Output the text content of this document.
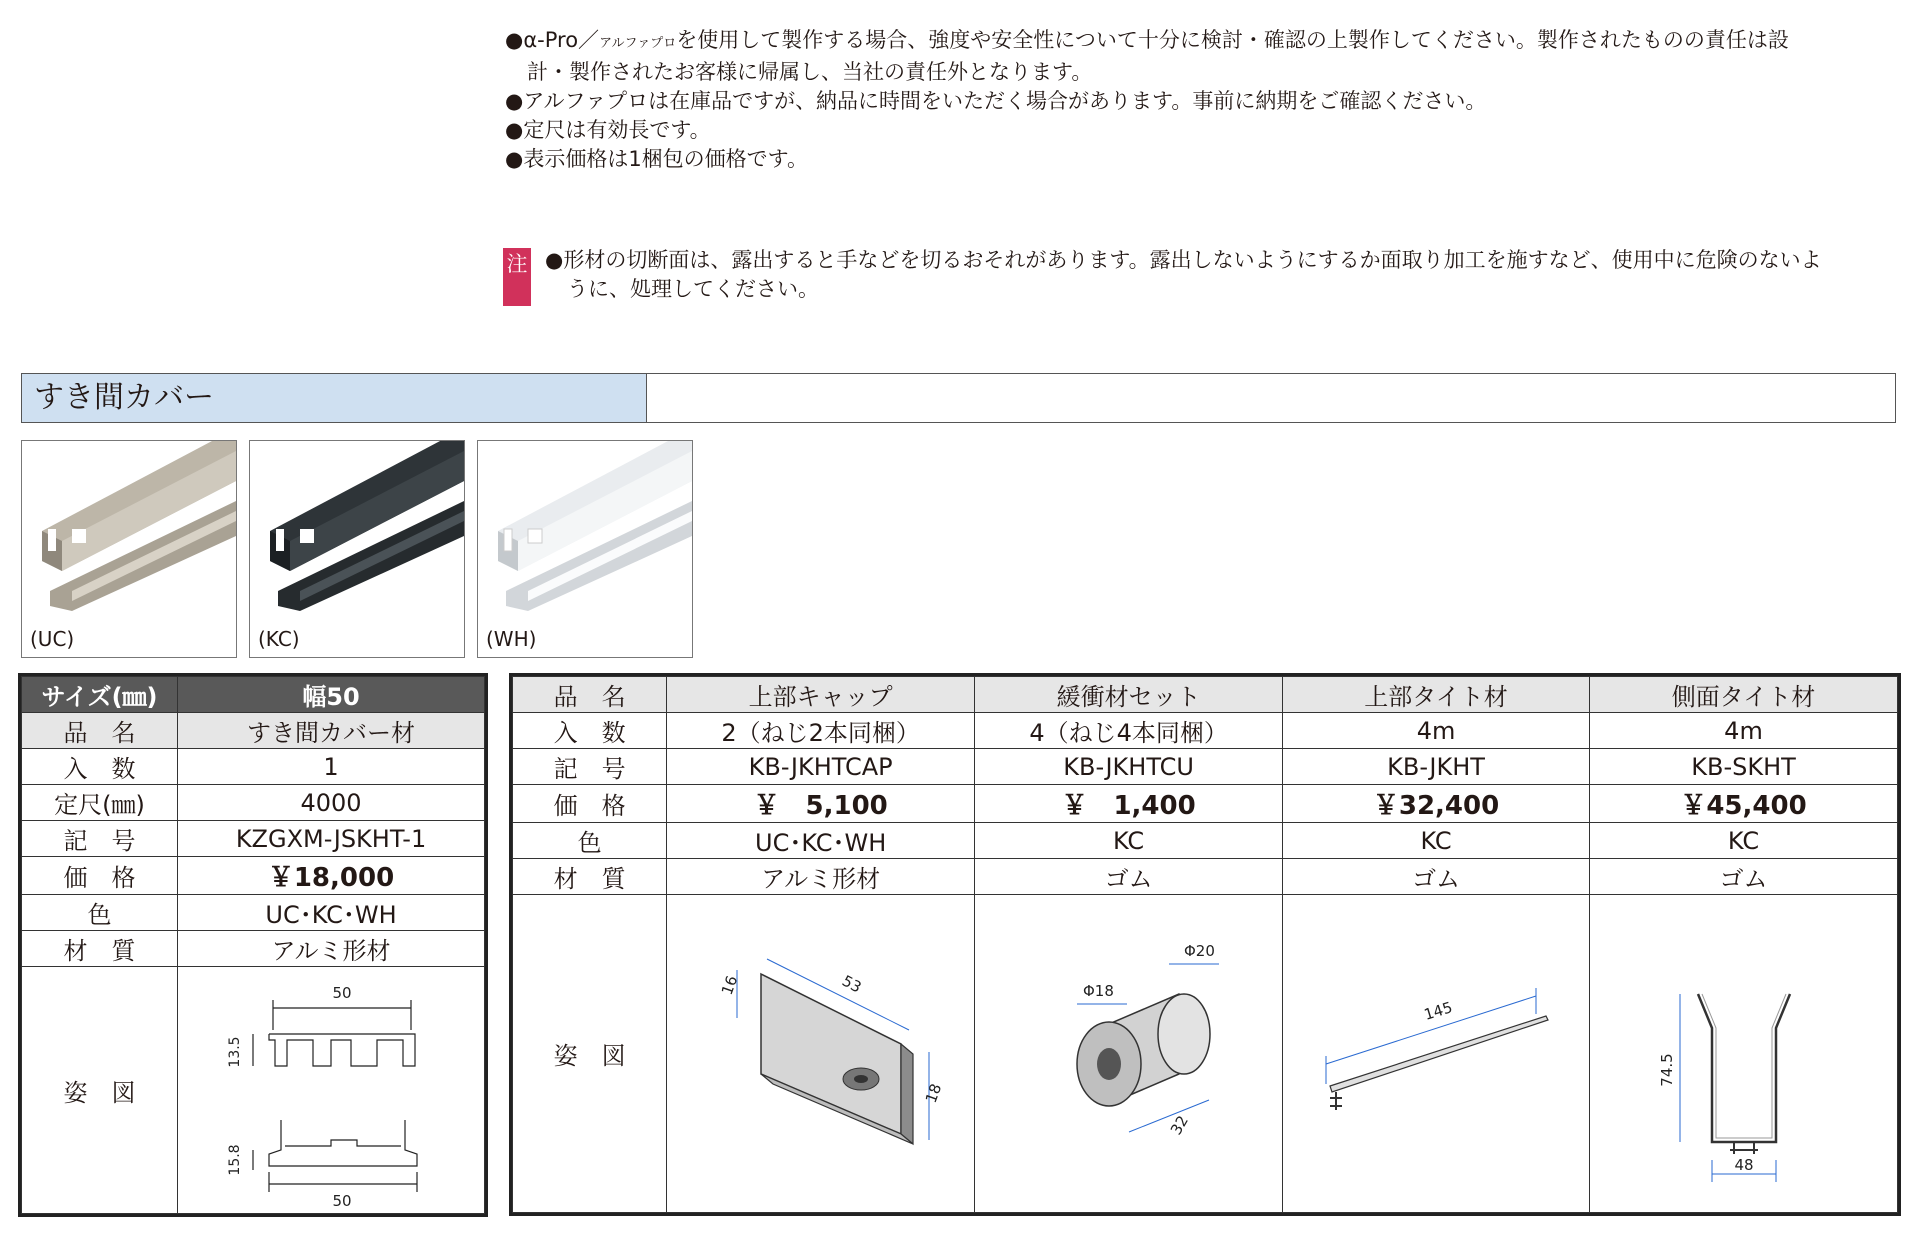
●α-Pro／アルファプロを使用して製作する場合、強度や安全性について十分に検討・確認の上製作してください。製作されたものの責任は設
計・製作されたお客様に帰属し、当社の責任外となります。
●アルファプロは在庫品ですが、納品に時間をいただく場合があります。事前に納期をご確認ください。
●定尺は有効長です。
●表示価格は1梱包の価格です。
注 ●形材の切断面は、露出すると手などを切るおそれがあります。露出しないようにするか面取り加工を施すなど、使用中に危険のないよ
うに、処理してください。
すき間カバー
(UC)	(KC)	(WH)
サイズ(㎜)	幅50
品　名	すき間カバー材
入　数	1
定尺(㎜)	4000
記　号	KZGXM-JSKHT-1
価　格	￥18,000
色	UC･KC･WH
材　質	アルミ形材
姿　図	50
13.5
15.8
50
品　名	上部キャップ	緩衝材セット	上部タイト材	側面タイト材
入　数	2（ねじ2本同梱）	4（ねじ4本同梱）	4m	4m
記　号	KB-JKHTCAP	KB-JKHTCU	KB-JKHT	KB-SKHT
価　格	￥　5,100	￥　1,400	￥32,400	￥45,400
色	UC･KC･WH	KC	KC	KC
材　質	アルミ形材	ゴム	ゴム	ゴム
姿　図	16 53
18	Φ20
Φ18
32	145	74.5
48
